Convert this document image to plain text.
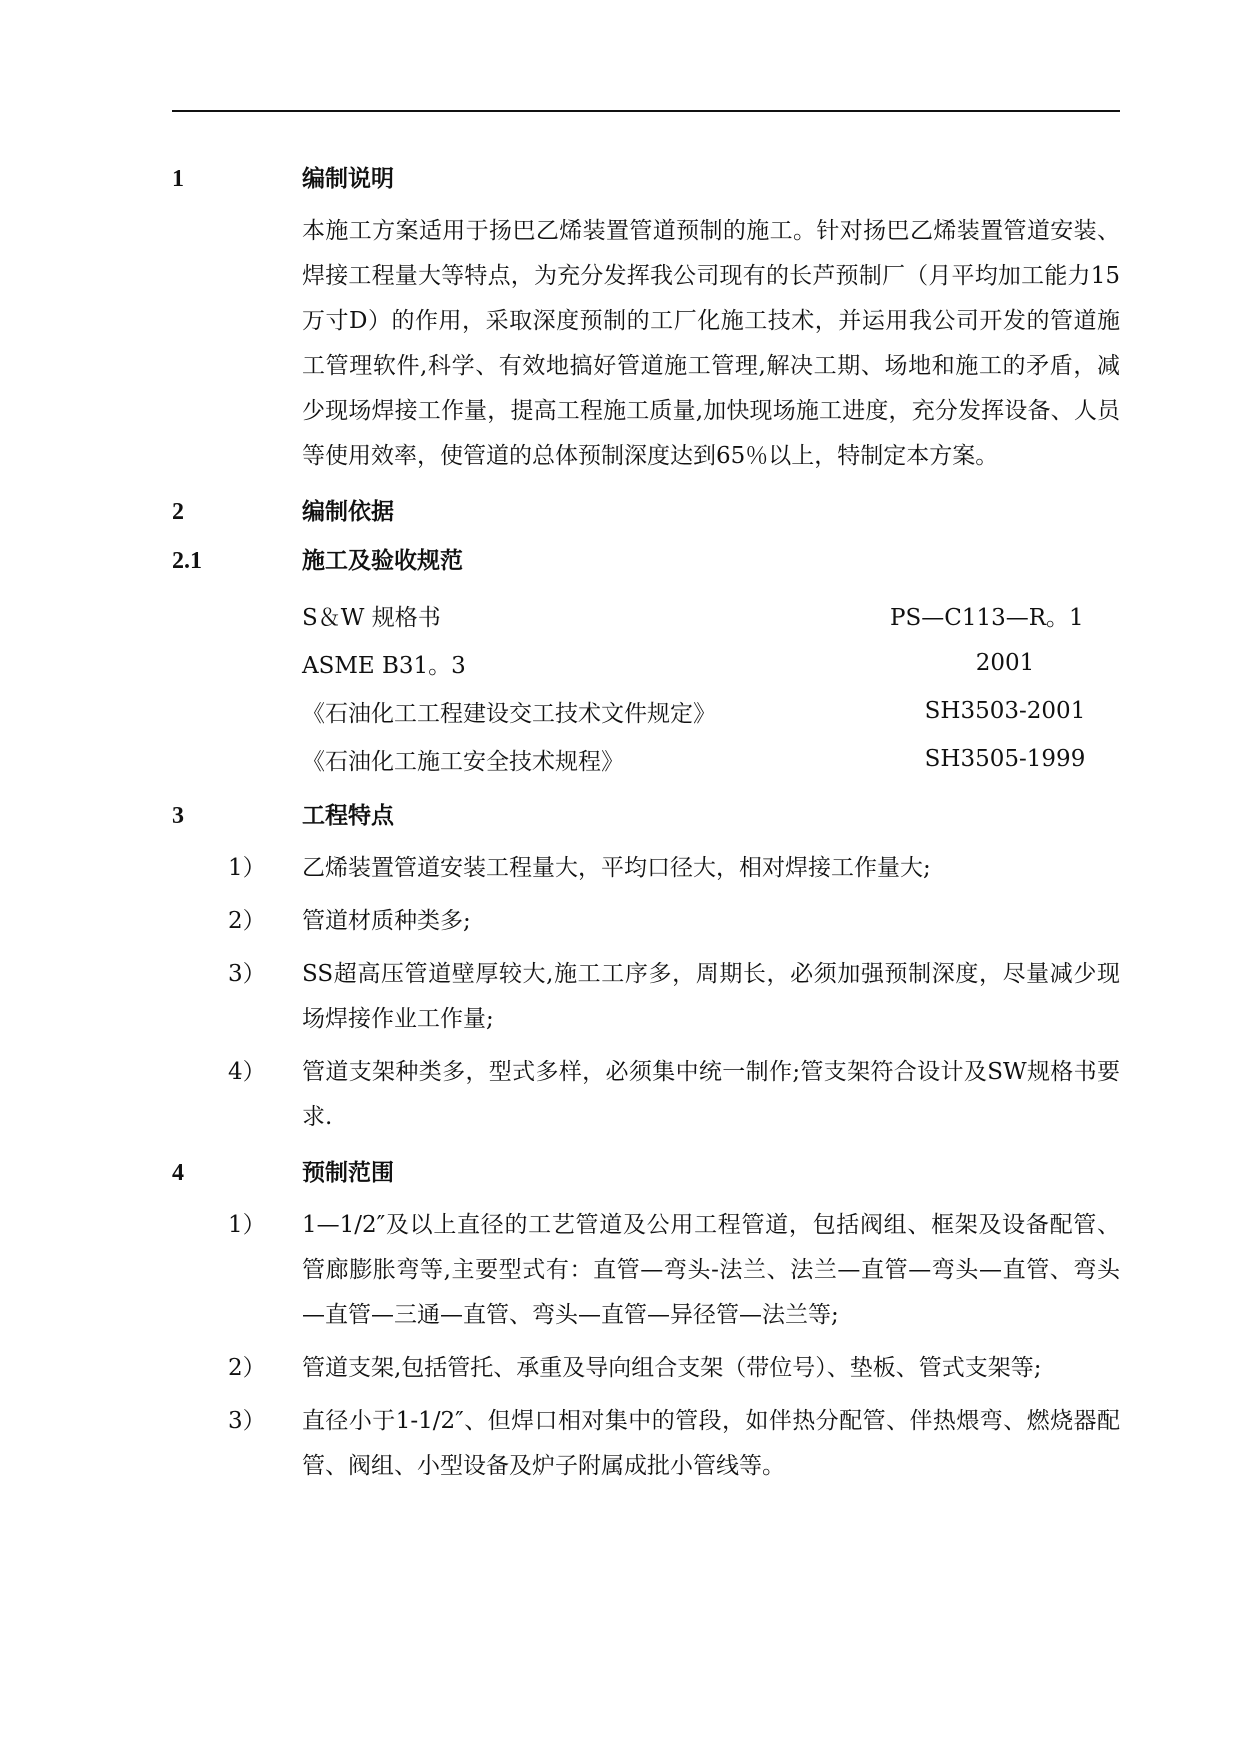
1	编制说明
本施工方案适用于扬巴乙烯装置管道预制的施工。针对扬巴乙烯装置管道安装、焊接工程量大等特点，为充分发挥我公司现有的长芦预制厂（月平均加工能力15万寸D）的作用，采取深度预制的工厂化施工技术，并运用我公司开发的管道施工管理软件,科学、有效地搞好管道施工管理,解决工期、场地和施工的矛盾，减少现场焊接工作量，提高工程施工质量,加快现场施工进度，充分发挥设备、人员等使用效率，使管道的总体预制深度达到65％以上，特制定本方案。
2	编制依据
2.1	施工及验收规范
S＆W 规格书	PS—C113—R。1
ASME B31。3	2001
《石油化工工程建设交工技术文件规定》	SH3503-2001
《石油化工施工安全技术规程》	SH3505-1999
3	工程特点
1）	乙烯装置管道安装工程量大，平均口径大，相对焊接工作量大;
2）	管道材质种类多;
3）	SS超高压管道壁厚较大,施工工序多，周期长，必须加强预制深度，尽量减少现场焊接作业工作量;
4）	管道支架种类多，型式多样，必须集中统一制作;管支架符合设计及SW规格书要求.
4	预制范围
1）	1—1/2″及以上直径的工艺管道及公用工程管道，包括阀组、框架及设备配管、管廊膨胀弯等,主要型式有：直管—弯头-法兰、法兰—直管—弯头—直管、弯头—直管—三通—直管、弯头—直管—异径管—法兰等;
2）	管道支架,包括管托、承重及导向组合支架（带位号）、垫板、管式支架等;
3）	直径小于1-1/2″、但焊口相对集中的管段，如伴热分配管、伴热煨弯、燃烧器配管、阀组、小型设备及炉子附属成批小管线等。
